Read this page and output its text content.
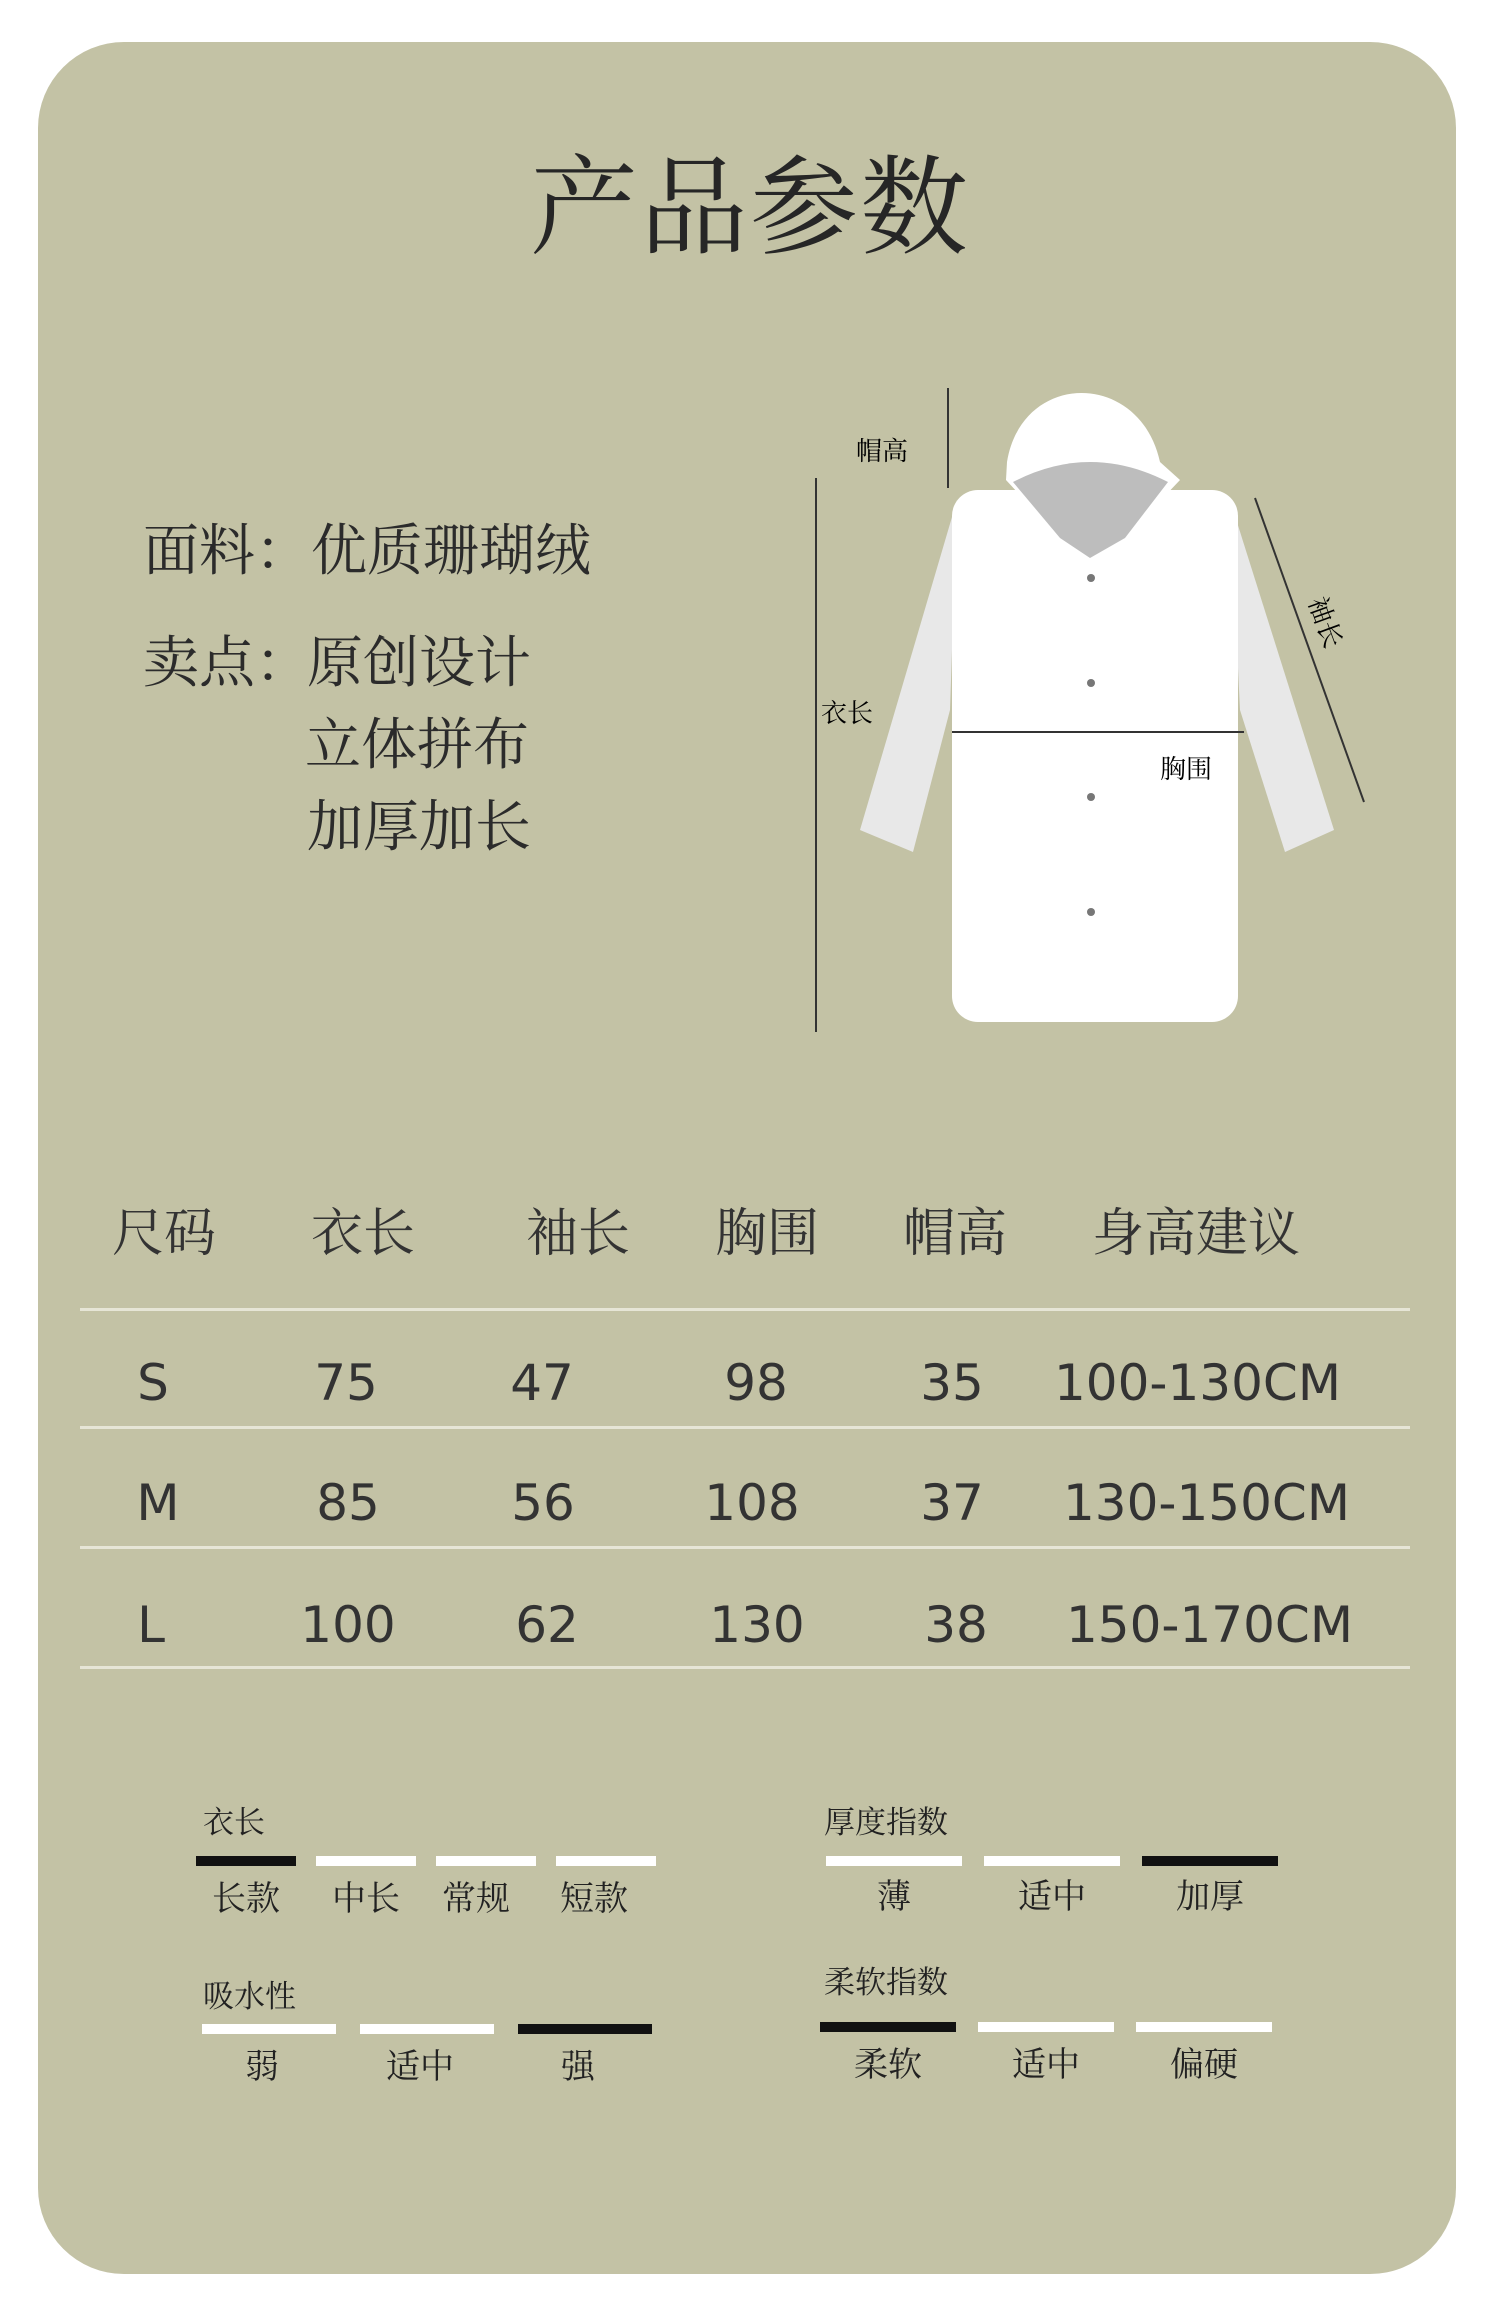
产品参数
面料：优质珊瑚绒
卖点：
原创设计
立体拼布
加厚加长
帽高
衣长
胸围
袖长
尺码	衣长	袖长	胸围	帽高	身高建议
S	75	47	98	35	100-130CM
M	85	56	108	37	130-150CM
L	100	62	130	38	150-170CM
衣长
长款	中长	常规	短款
厚度指数
薄	适中	加厚
吸水性
弱	适中	强
柔软指数
柔软	适中	偏硬
